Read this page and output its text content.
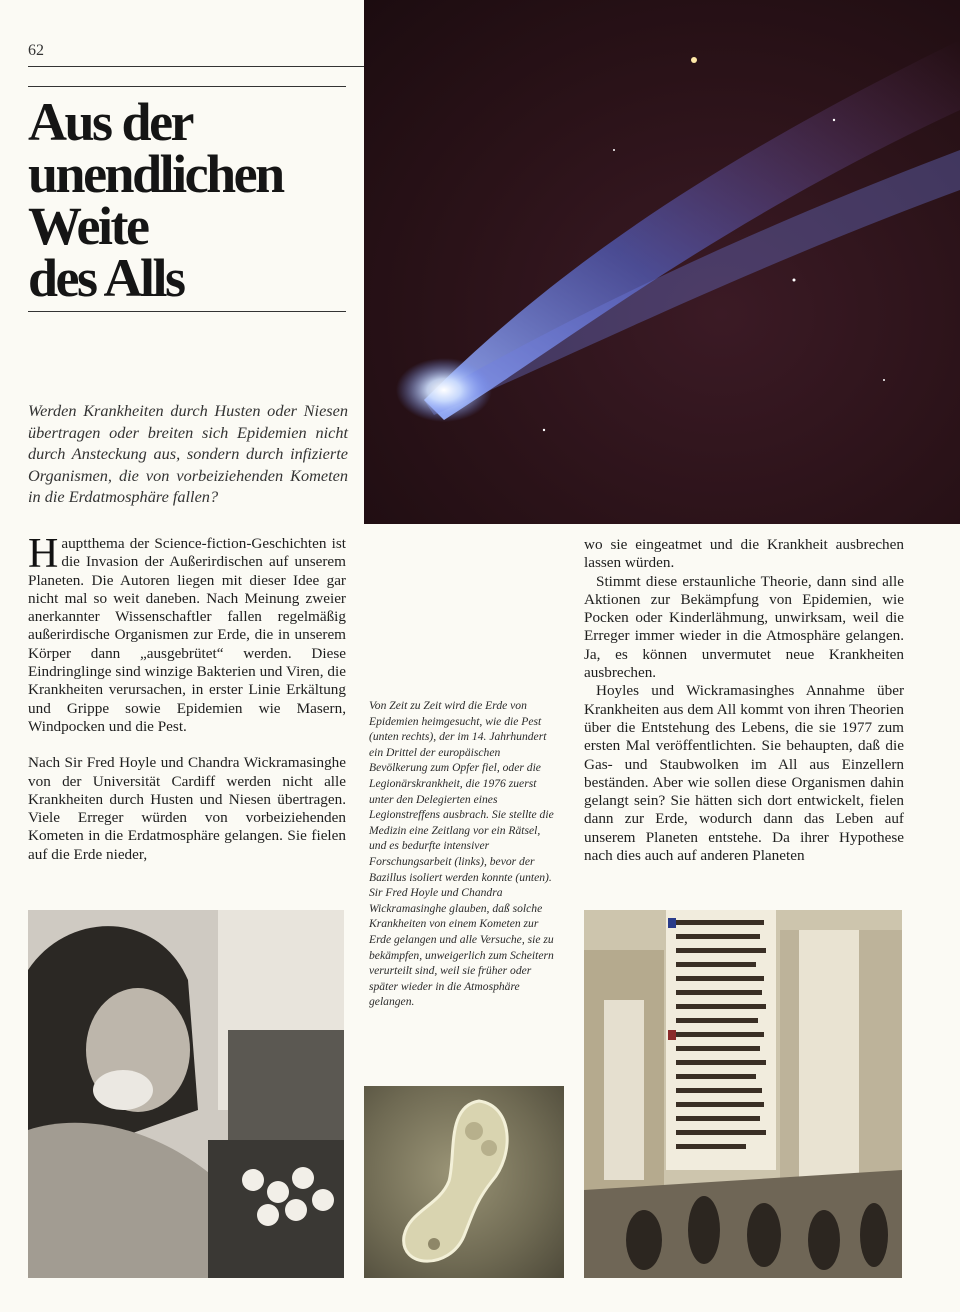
62
Aus der
unendlichen
Weite
des Alls

Werden Krankheiten durch Husten oder Niesen übertragen oder breiten sich Epidemien nicht durch Ansteckung aus, sondern durch infizierte Organismen, die von vorbeiziehenden Kometen in die Erdatmosphäre fallen?

Hauptthema der Science-fiction-Geschichten ist die Invasion der Außerirdischen auf unserem Planeten. Die Autoren liegen mit dieser Idee gar nicht mal so weit daneben. Nach Meinung zweier anerkannter Wissenschaftler fallen regelmäßig außerirdische Organismen zur Erde, die in unserem Körper dann „ausgebrütet“ werden. Diese Eindringlinge sind winzige Bakterien und Viren, die Krankheiten verursachen, in erster Linie Erkältung und Grippe sowie Epidemien wie Masern, Windpocken und die Pest.

Nach Sir Fred Hoyle und Chandra Wickramasinghe von der Universität Cardiff werden nicht alle Krankheiten durch Husten und Niesen übertragen. Viele Erreger würden von vorbeiziehenden Kometen in die Erdatmosphäre gelangen. Sie fielen auf die Erde nieder,

Von Zeit zu Zeit wird die Erde von Epidemien heimgesucht, wie die Pest (unten rechts), der im 14. Jahrhundert ein Drittel der europäischen Bevölkerung zum Opfer fiel, oder die Legionärskrankheit, die 1976 zuerst unter den Delegierten eines Legionstreffens ausbrach. Sie stellte die Medizin eine Zeitlang vor ein Rätsel, und es bedurfte intensiver Forschungsarbeit (links), bevor der Bazillus isoliert werden konnte (unten). Sir Fred Hoyle und Chandra Wickramasinghe glauben, daß solche Krankheiten von einem Kometen zur Erde gelangen und alle Versuche, sie zu bekämpfen, unweigerlich zum Scheitern verurteilt sind, weil sie früher oder später wieder in die Atmosphäre gelangen.

wo sie eingeatmet und die Krankheit ausbrechen lassen würden.

Stimmt diese erstaunliche Theorie, dann sind alle Aktionen zur Bekämpfung von Epidemien, wie Pocken oder Kinderlähmung, unwirksam, weil die Erreger immer wieder in die Atmosphäre gelangen. Ja, es können unvermutet neue Krankheiten ausbrechen.

Hoyles und Wickramasinghes Annahme über Krankheiten aus dem All kommt von ihren Theorien über die Entstehung des Lebens, die sie 1977 zum ersten Mal veröffentlichten. Sie behaupten, daß die Gas- und Staubwolken im All aus Einzellern beständen. Aber wie sollen diese Organismen dahin gelangt sein? Sie hätten sich dort entwickelt, fielen dann zur Erde, wodurch dann das Leben auf unserem Planeten entstehe. Da ihrer Hypothese nach dies auch auf anderen Planeten
